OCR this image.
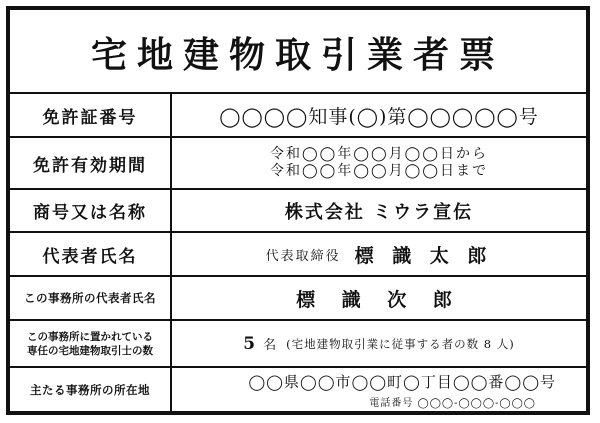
宅地建物取引業者票
免許証番号	◯◯◯◯知事(◯)第◯◯◯◯◯号
免許有効期間
令和◯◯年◯◯月◯◯日から
令和◯◯年◯◯月◯◯日まで
商号又は名称	株式会社 ミウラ宣伝
代表者氏名	代表取締役 標 識 太 郎
この事務所の代表者氏名	標 識 次 郎
この事務所に置かれている
専任の宅地建物取引士の数	5 名 (宅地建物取引業に従事する者の数 8 人)
主たる事務所の所在地	◯◯県◯◯市◯◯町◯丁目◯◯番◯◯号
電話番号 ◯◯◯-◯◯◯-◯◯◯
